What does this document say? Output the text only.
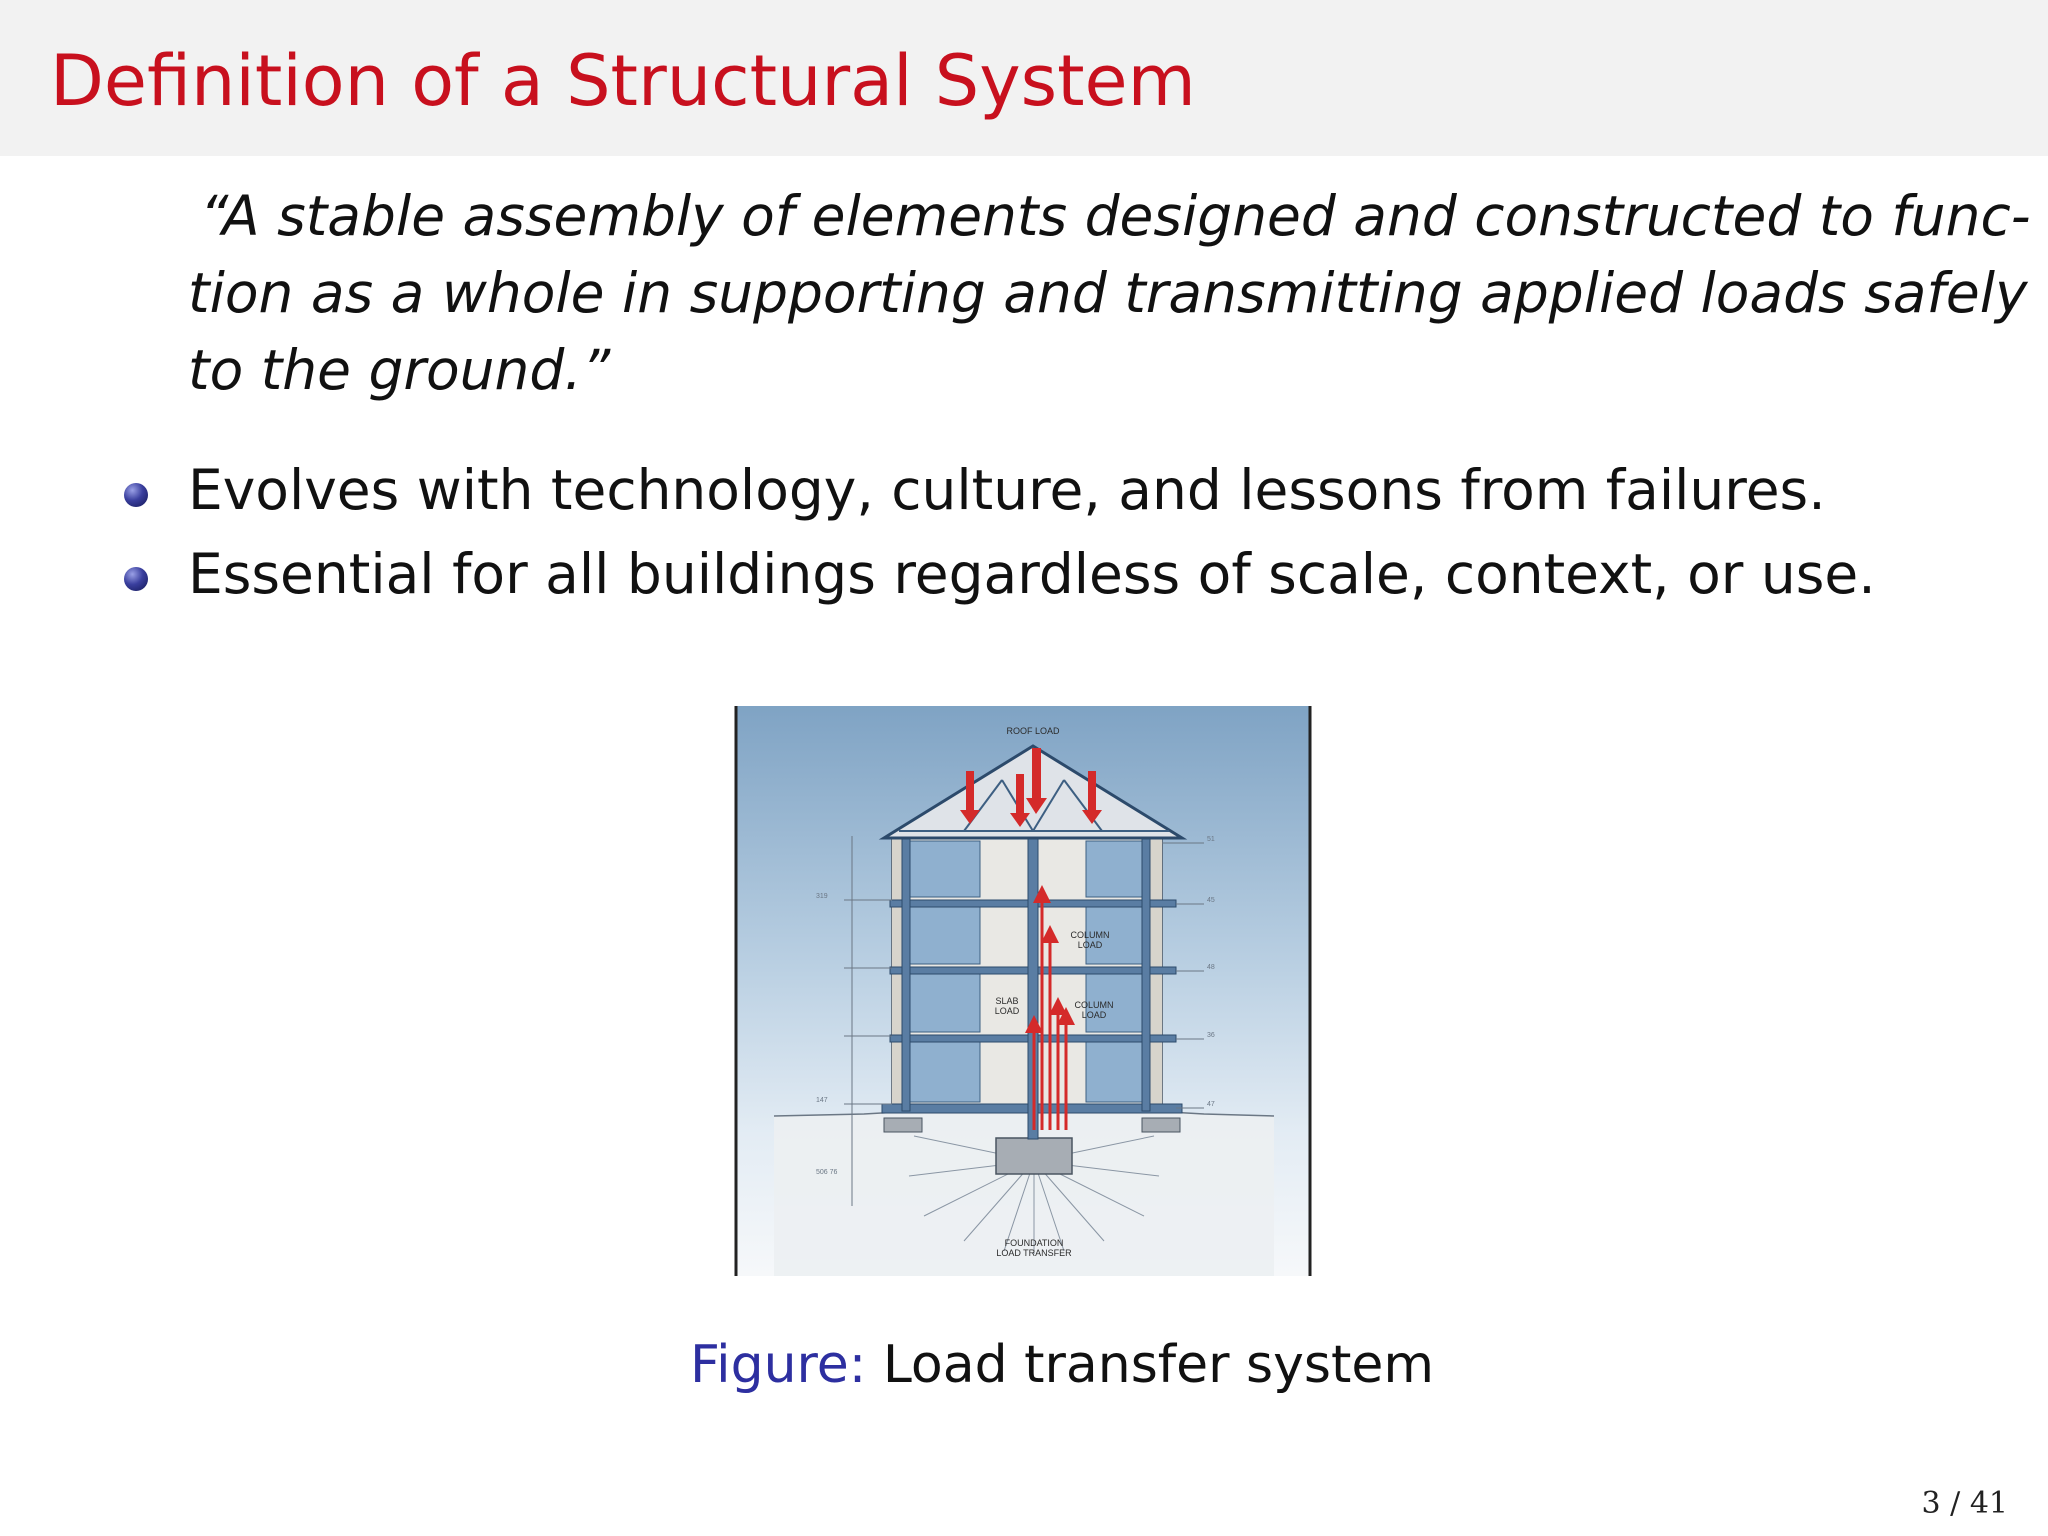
Definition of a Structural System
“A stable assembly of elements designed and constructed to func-
tion as a whole in supporting and transmitting applied loads safely
to the ground.”
Evolves with technology, culture, and lessons from failures.
Essential for all buildings regardless of scale, context, or use.
ROOF LOAD
COLUMN
LOAD
COLUMN
LOAD
SLAB
LOAD
FOUNDATION
LOAD TRANSFER
319
147
506 76
51
45
48
36
47
Figure: Load transfer system
3 / 41
